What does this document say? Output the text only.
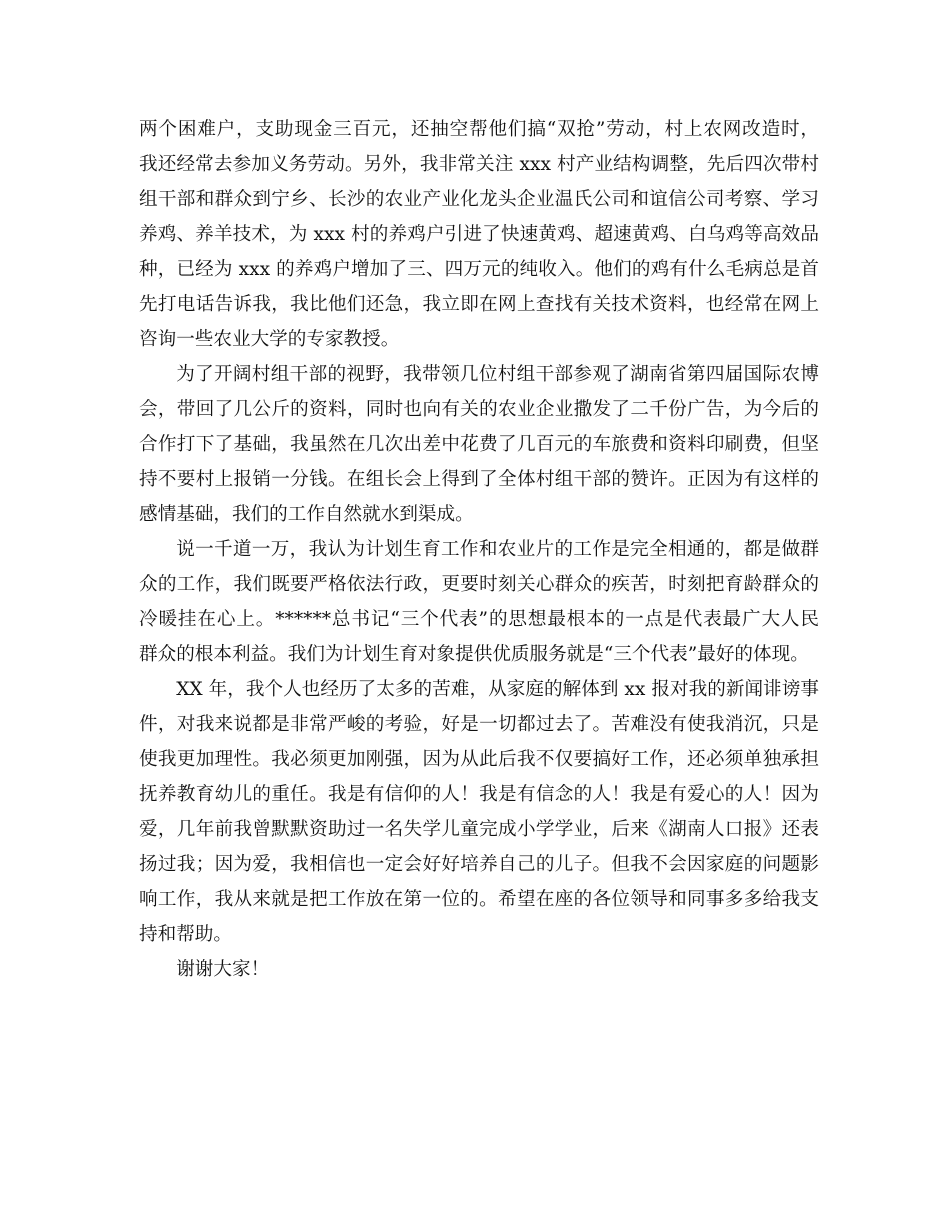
两个困难户，支助现金三百元，还抽空帮他们搞“双抢”劳动，村上农网改造时，
我还经常去参加义务劳动。另外，我非常关注 xxx 村产业结构调整，先后四次带村
组干部和群众到宁乡、长沙的农业产业化龙头企业温氏公司和谊信公司考察、学习
养鸡、养羊技术，为 xxx 村的养鸡户引进了快速黄鸡、超速黄鸡、白乌鸡等高效品
种，已经为 xxx 的养鸡户增加了三、四万元的纯收入。他们的鸡有什么毛病总是首
先打电话告诉我，我比他们还急，我立即在网上查找有关技术资料，也经常在网上
咨询一些农业大学的专家教授。
为了开阔村组干部的视野，我带领几位村组干部参观了湖南省第四届国际农博
会，带回了几公斤的资料，同时也向有关的农业企业撒发了二千份广告，为今后的
合作打下了基础，我虽然在几次出差中花费了几百元的车旅费和资料印刷费，但坚
持不要村上报销一分钱。在组长会上得到了全体村组干部的赞许。正因为有这样的
感情基础，我们的工作自然就水到渠成。
说一千道一万，我认为计划生育工作和农业片的工作是完全相通的，都是做群
众的工作，我们既要严格依法行政，更要时刻关心群众的疾苦，时刻把育龄群众的
冷暖挂在心上。******总书记“三个代表”的思想最根本的一点是代表最广大人民
群众的根本利益。我们为计划生育对象提供优质服务就是“三个代表”最好的体现。
XX 年，我个人也经历了太多的苦难，从家庭的解体到 xx 报对我的新闻诽谤事
件，对我来说都是非常严峻的考验，好是一切都过去了。苦难没有使我消沉，只是
使我更加理性。我必须更加刚强，因为从此后我不仅要搞好工作，还必须单独承担
抚养教育幼儿的重任。我是有信仰的人！我是有信念的人！我是有爱心的人！因为
爱，几年前我曾默默资助过一名失学儿童完成小学学业，后来《湖南人口报》还表
扬过我；因为爱，我相信也一定会好好培养自己的儿子。但我不会因家庭的问题影
响工作，我从来就是把工作放在第一位的。希望在座的各位领导和同事多多给我支
持和帮助。
谢谢大家！
